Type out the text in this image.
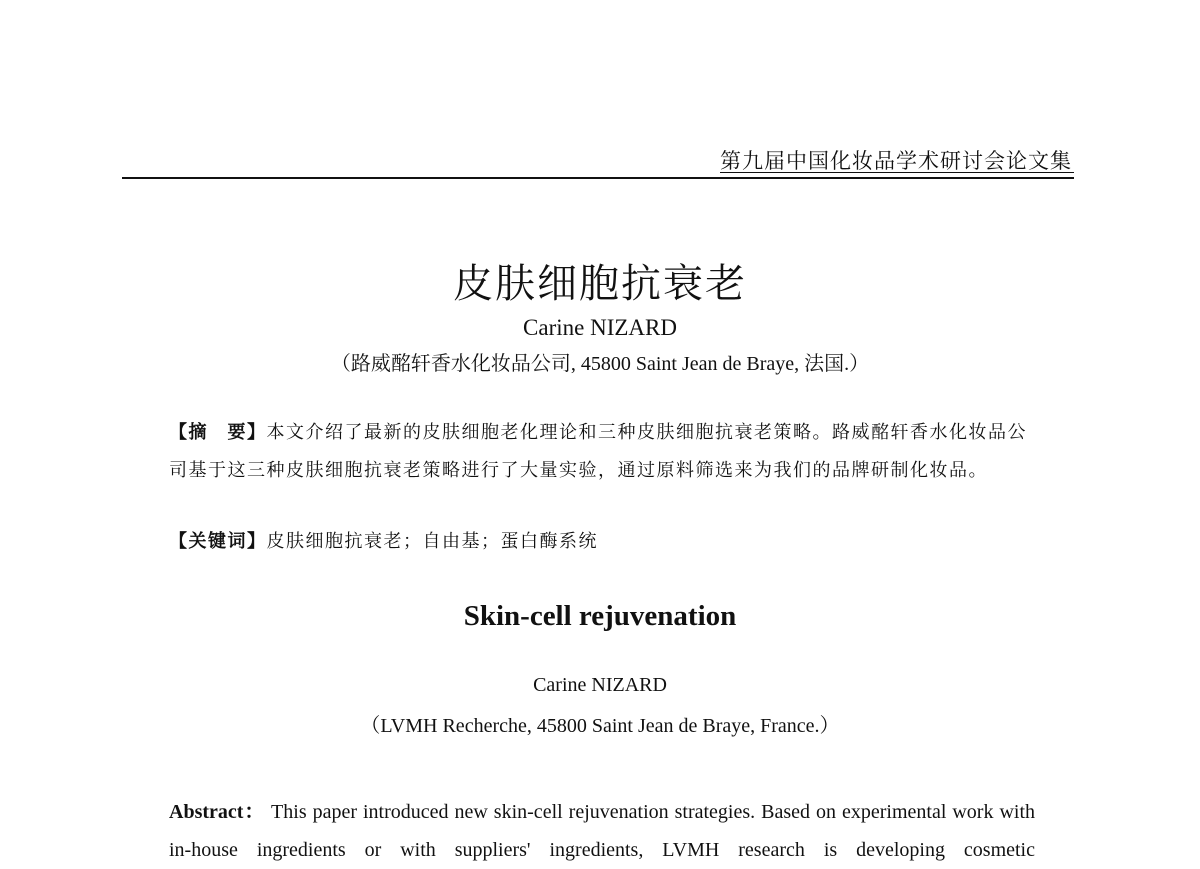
第九届中国化妆品学术研讨会论文集
皮肤细胞抗衰老
Carine NIZARD
（路威酩轩香水化妆品公司, 45800 Saint Jean de Braye, 法国.）
【摘　要】本文介绍了最新的皮肤细胞老化理论和三种皮肤细胞抗衰老策略。路威酩轩香水化妆品公司基于这三种皮肤细胞抗衰老策略进行了大量实验，通过原料筛选来为我们的品牌研制化妆品。
【关键词】皮肤细胞抗衰老；自由基；蛋白酶系统
Skin-cell rejuvenation
Carine NIZARD
（LVMH Recherche, 45800 Saint Jean de Braye, France.）
Abstract： This paper introduced new skin-cell rejuvenation strategies. Based on experimental work with in-house ingredients or with suppliers' ingredients, LVMH research is developing cosmetic
